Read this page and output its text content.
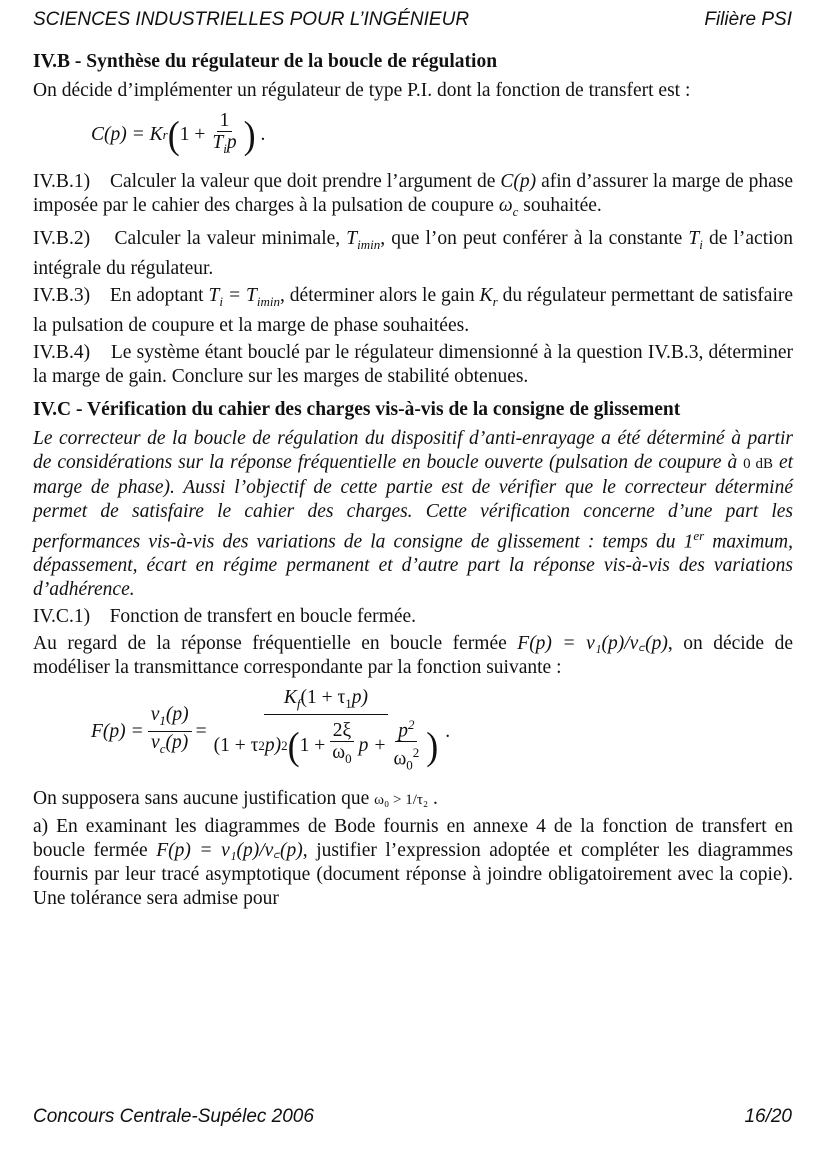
SCIENCES INDUSTRIELLES POUR L’INGÉNIEUR	Filière PSI
IV.B - Synthèse du régulateur de la boucle de régulation

On décide d’implémenter un régulateur de type P.I. dont la fonction de transfert est :

C(p) = K r ( $1 + \frac{1}{T_ip}$ )
.

IV.B.1) Calculer la valeur que doit prendre l’argument de C(p) afin d’assurer la marge de phase imposée par le cahier des charges à la pulsation de coupure $\omega_c$ souhaitée.

IV.B.2) Calculer la valeur minimale, $T_{imin}$, que l’on peut conférer à la constante $T_i$ de l’action intégrale du régulateur.

IV.B.3) En adoptant $T_i = T_{imin}$, déterminer alors le gain $K_r$ du régulateur permettant de satisfaire la pulsation de coupure et la marge de phase souhaitées.

IV.B.4) Le système étant bouclé par le régulateur dimensionné à la question IV.B.3, déterminer la marge de gain. Conclure sur les marges de stabilité obtenues.

IV.C - Vérification du cahier des charges vis-à-vis de la consigne de glissement

Le correcteur de la boucle de régulation du dispositif d’anti-enrayage a été déterminé à partir de considérations sur la réponse fréquentielle en boucle ouverte (pulsation de coupure à 0 dB et marge de phase). Aussi l’objectif de cette partie est de vérifier que le correcteur déterminé permet de satisfaire le cahier des charges. Cette vérification concerne d’une part les performances vis-à-vis des variations de la consigne de glissement : temps du 1er maximum, dépassement, écart en régime permanent et d’autre part la réponse vis-à-vis des variations d’adhérence.

IV.C.1) Fonction de transfert en boucle fermée.

Au regard de la réponse fréquentielle en boucle fermée F(p) = ν₁(p)/ν꜀(p), on décide de modéliser la transmittance correspondante par la fonction suivante :

$F(p) = \frac{\nu_1(p)}{\nu_c(p)} = \frac{K_f(1 + \tau_1p)}{(1 + \tau 2 p) 2 ( 1 + \frac{2\xi}{\omega_0} p + \frac{p^2}{\omega_0^2} )}$ .

On supposera sans aucune justification que ω₀ > 1/τ₂ .

a) En examinant les diagrammes de Bode fournis en annexe 4 de la fonction de transfert en boucle fermée F(p) = ν₁(p)/ν꜀(p), justifier l’expression adoptée et compléter les diagrammes fournis par leur tracé asymptotique (document réponse à joindre obligatoirement avec la copie). Une tolérance sera admise pour

Concours Centrale-Supélec 2006	16/20
